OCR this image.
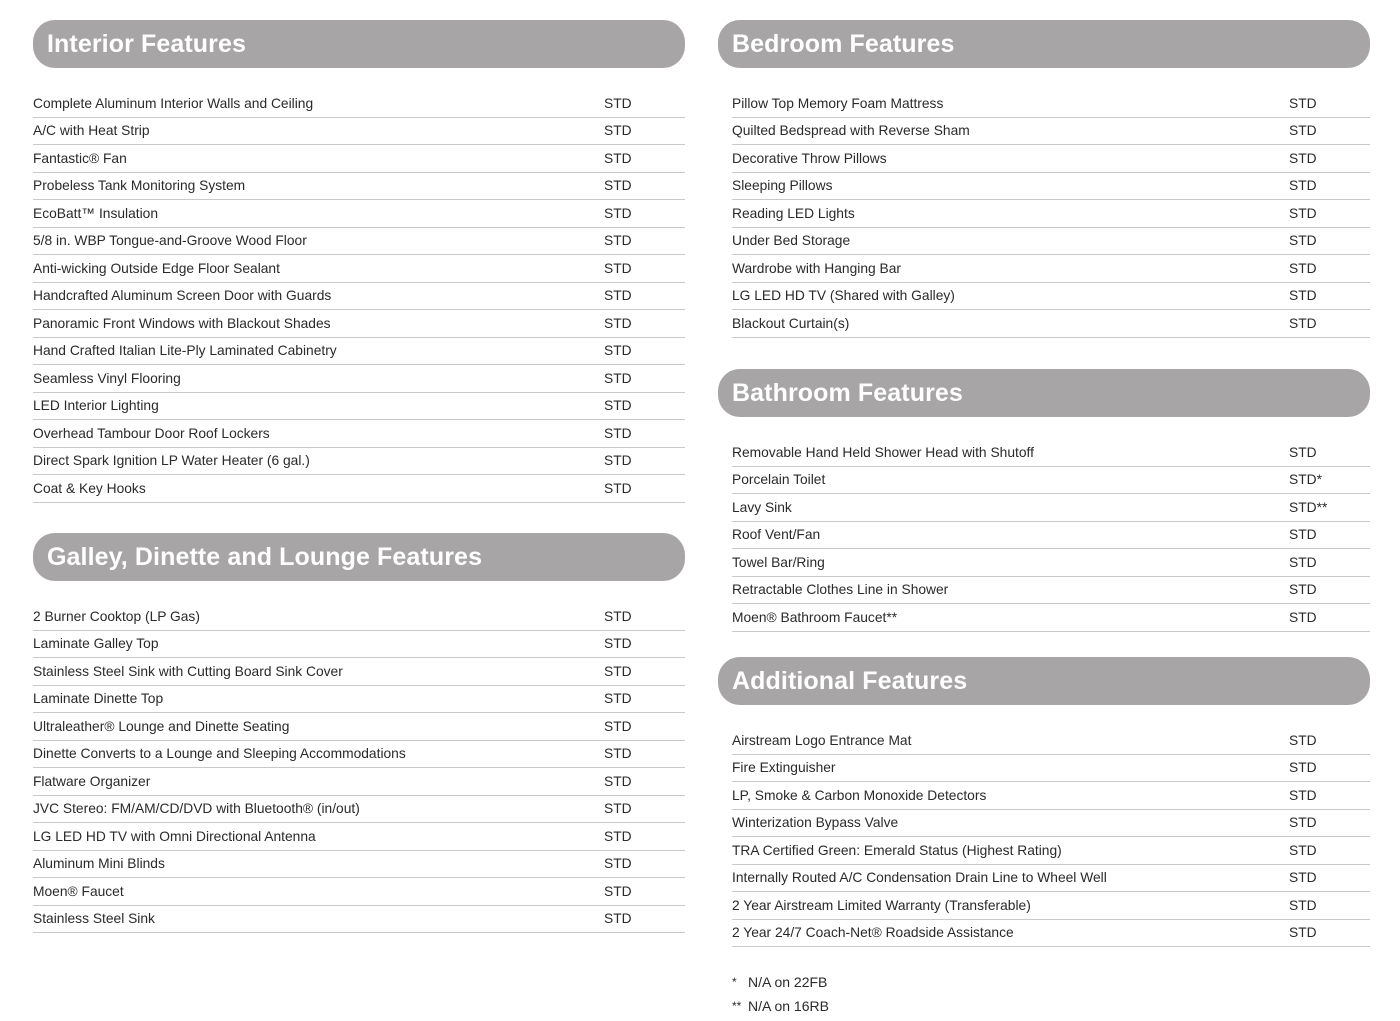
Interior Features
Complete Aluminum Interior Walls and Ceiling	STD
A/C with Heat Strip	STD
Fantastic® Fan	STD
Probeless Tank Monitoring System	STD
EcoBatt™ Insulation	STD
5/8 in. WBP Tongue-and-Groove Wood Floor	STD
Anti-wicking Outside Edge Floor Sealant	STD
Handcrafted Aluminum Screen Door with Guards	STD
Panoramic Front Windows with Blackout Shades	STD
Hand Crafted Italian Lite-Ply Laminated Cabinetry	STD
Seamless Vinyl Flooring	STD
LED Interior Lighting	STD
Overhead Tambour Door Roof Lockers	STD
Direct Spark Ignition LP Water Heater (6 gal.)	STD
Coat & Key Hooks	STD
Galley, Dinette and Lounge Features
2 Burner Cooktop (LP Gas)	STD
Laminate Galley Top	STD
Stainless Steel Sink with Cutting Board Sink Cover	STD
Laminate Dinette Top	STD
Ultraleather® Lounge and Dinette Seating	STD
Dinette Converts to a Lounge and Sleeping Accommodations	STD
Flatware Organizer	STD
JVC Stereo: FM/AM/CD/DVD with Bluetooth® (in/out)	STD
LG LED HD TV with Omni Directional Antenna	STD
Aluminum Mini Blinds	STD
Moen® Faucet	STD
Stainless Steel Sink	STD
Bedroom Features
Pillow Top Memory Foam Mattress	STD
Quilted Bedspread with Reverse Sham	STD
Decorative Throw Pillows	STD
Sleeping Pillows	STD
Reading LED Lights	STD
Under Bed Storage	STD
Wardrobe with Hanging Bar	STD
LG LED HD TV (Shared with Galley)	STD
Blackout Curtain(s)	STD
Bathroom Features
Removable Hand Held Shower Head with Shutoff	STD
Porcelain Toilet	STD*
Lavy Sink	STD**
Roof Vent/Fan	STD
Towel Bar/Ring	STD
Retractable Clothes Line in Shower	STD
Moen® Bathroom Faucet**	STD
Additional Features
Airstream Logo Entrance Mat	STD
Fire Extinguisher	STD
LP, Smoke & Carbon Monoxide Detectors	STD
Winterization Bypass Valve	STD
TRA Certified Green: Emerald Status (Highest Rating)	STD
Internally Routed A/C Condensation Drain Line to Wheel Well	STD
2 Year Airstream Limited Warranty (Transferable)	STD
2 Year 24/7 Coach-Net® Roadside Assistance	STD
* N/A on 22FB
** N/A on 16RB
